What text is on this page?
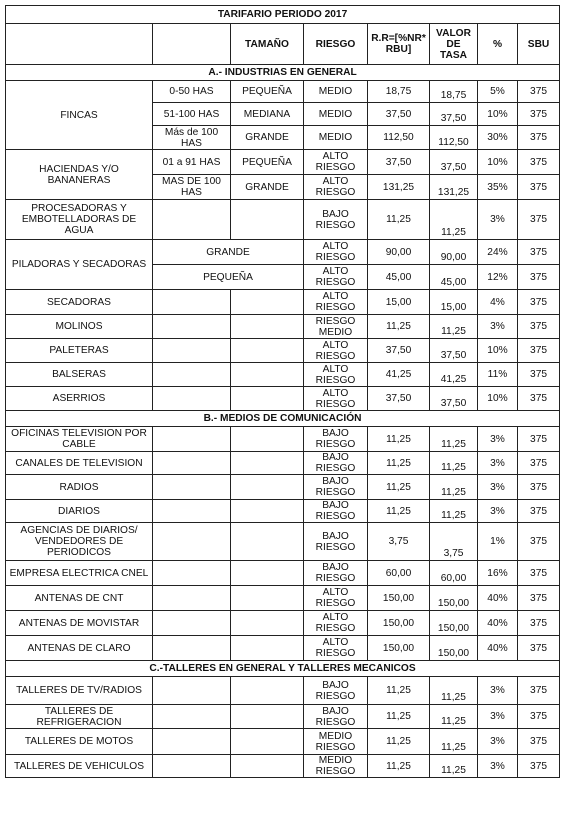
TARIFARIO PERIODO 2017							
		TAMAÑO	RIESGO	R.R=[%NR* RBU]	VALOR DE TASA	%	SBU
A.- INDUSTRIAS EN GENERAL							
FINCAS	0-50 HAS	PEQUEÑA	MEDIO	18,75	18,75	5%	375
	51-100 HAS	MEDIANA	MEDIO	37,50	37,50	10%	375
	Más de 100 HAS	GRANDE	MEDIO	112,50	112,50	30%	375
HACIENDAS Y/O BANANERAS	01 a 91 HAS	PEQUEÑA	ALTO RIESGO	37,50	37,50	10%	375
	MAS DE 100 HAS	GRANDE	ALTO RIESGO	131,25	131,25	35%	375
PROCESADORAS Y EMBOTELLADORAS DE AGUA			BAJO RIESGO	11,25	11,25	3%	375
PILADORAS Y SECADORAS	GRANDE		ALTO RIESGO	90,00	90,00	24%	375
	PEQUEÑA		ALTO RIESGO	45,00	45,00	12%	375
SECADORAS			ALTO RIESGO	15,00	15,00	4%	375
MOLINOS			RIESGO MEDIO	11,25	11,25	3%	375
PALETERAS			ALTO RIESGO	37,50	37,50	10%	375
BALSERAS			ALTO RIESGO	41,25	41,25	11%	375
ASERRIOS			ALTO RIESGO	37,50	37,50	10%	375
B.- MEDIOS DE COMUNICACIÓN							
OFICINAS TELEVISION POR CABLE			BAJO RIESGO	11,25	11,25	3%	375
CANALES DE TELEVISION			BAJO RIESGO	11,25	11,25	3%	375
RADIOS			BAJO RIESGO	11,25	11,25	3%	375
DIARIOS			BAJO RIESGO	11,25	11,25	3%	375
AGENCIAS DE DIARIOS/ VENDEDORES DE PERIODICOS			BAJO RIESGO	3,75	3,75	1%	375
EMPRESA ELECTRICA CNEL			BAJO RIESGO	60,00	60,00	16%	375
ANTENAS DE CNT			ALTO RIESGO	150,00	150,00	40%	375
ANTENAS DE MOVISTAR			ALTO RIESGO	150,00	150,00	40%	375
ANTENAS DE CLARO			ALTO RIESGO	150,00	150,00	40%	375
C.-TALLERES EN GENERAL Y TALLERES MECANICOS							
TALLERES DE TV/RADIOS			BAJO RIESGO	11,25	11,25	3%	375
TALLERES DE REFRIGERACION			BAJO RIESGO	11,25	11,25	3%	375
TALLERES DE MOTOS			MEDIO RIESGO	11,25	11,25	3%	375
TALLERES DE VEHICULOS			MEDIO RIESGO	11,25	11,25	3%	375
